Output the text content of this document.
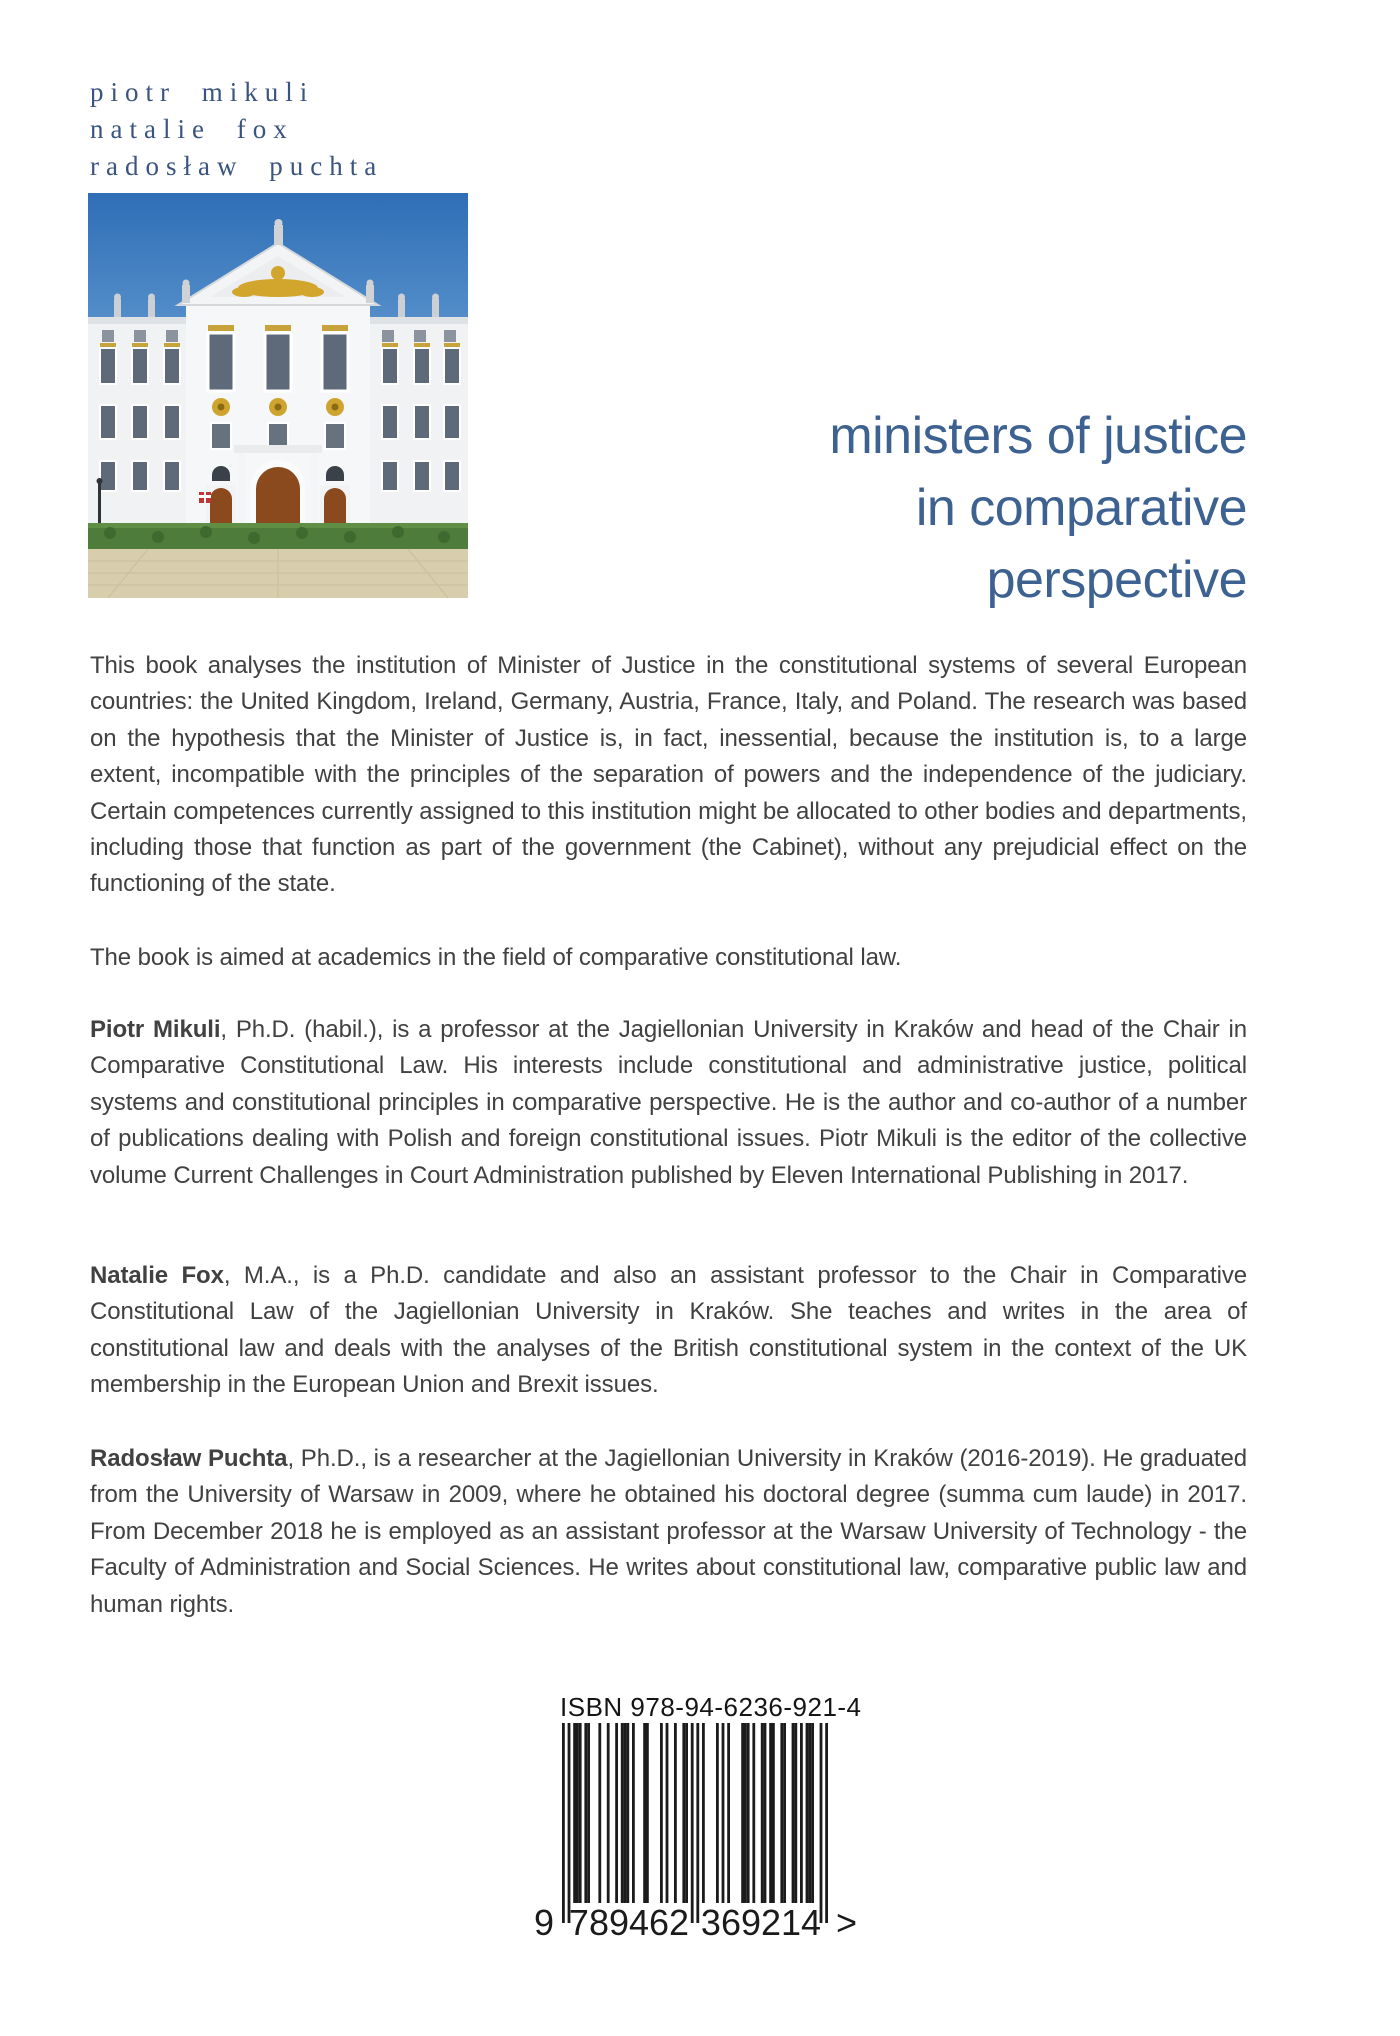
piotr mikuli
natalie fox
radosław puchta
ministers of justice
in comparative
perspective

This book analyses the institution of Minister of Justice in the constitutional systems of several European countries: the United Kingdom, Ireland, Germany, Austria, France, Italy, and Poland. The research was based on the hypothesis that the Minister of Justice is, in fact, inessential, because the institution is, to a large extent, incompatible with the principles of the separation of powers and the independence of the judiciary. Certain competences currently assigned to this institution might be allocated to other bodies and departments, including those that function as part of the government (the Cabinet), without any prejudicial effect on the functioning of the state.

The book is aimed at academics in the field of comparative constitutional law.

Piotr Mikuli, Ph.D. (habil.), is a professor at the Jagiellonian University in Kraków and head of the Chair in Comparative Constitutional Law. His interests include constitutional and administrative justice, political systems and constitutional principles in comparative perspective. He is the author and co-author of a number of publications dealing with Polish and foreign constitutional issues. Piotr Mikuli is the editor of the collective volume Current Challenges in Court Administration published by Eleven International Publishing in 2017.

Natalie Fox, M.A., is a Ph.D. candidate and also an assistant professor to the Chair in Comparative Constitutional Law of the Jagiellonian University in Kraków. She teaches and writes in the area of constitutional law and deals with the analyses of the British constitutional system in the context of the UK membership in the European Union and Brexit issues.

Radosław Puchta, Ph.D., is a researcher at the Jagiellonian University in Kraków (2016-2019). He graduated from the University of Warsaw in 2009, where he obtained his doctoral degree (summa cum laude) in 2017. From December 2018 he is employed as an assistant professor at the Warsaw University of Technology - the Faculty of Administration and Social Sciences. He writes about constitutional law, comparative public law and human rights.

ISBN 978-94-6236-921-4
9 789462 369214 >
